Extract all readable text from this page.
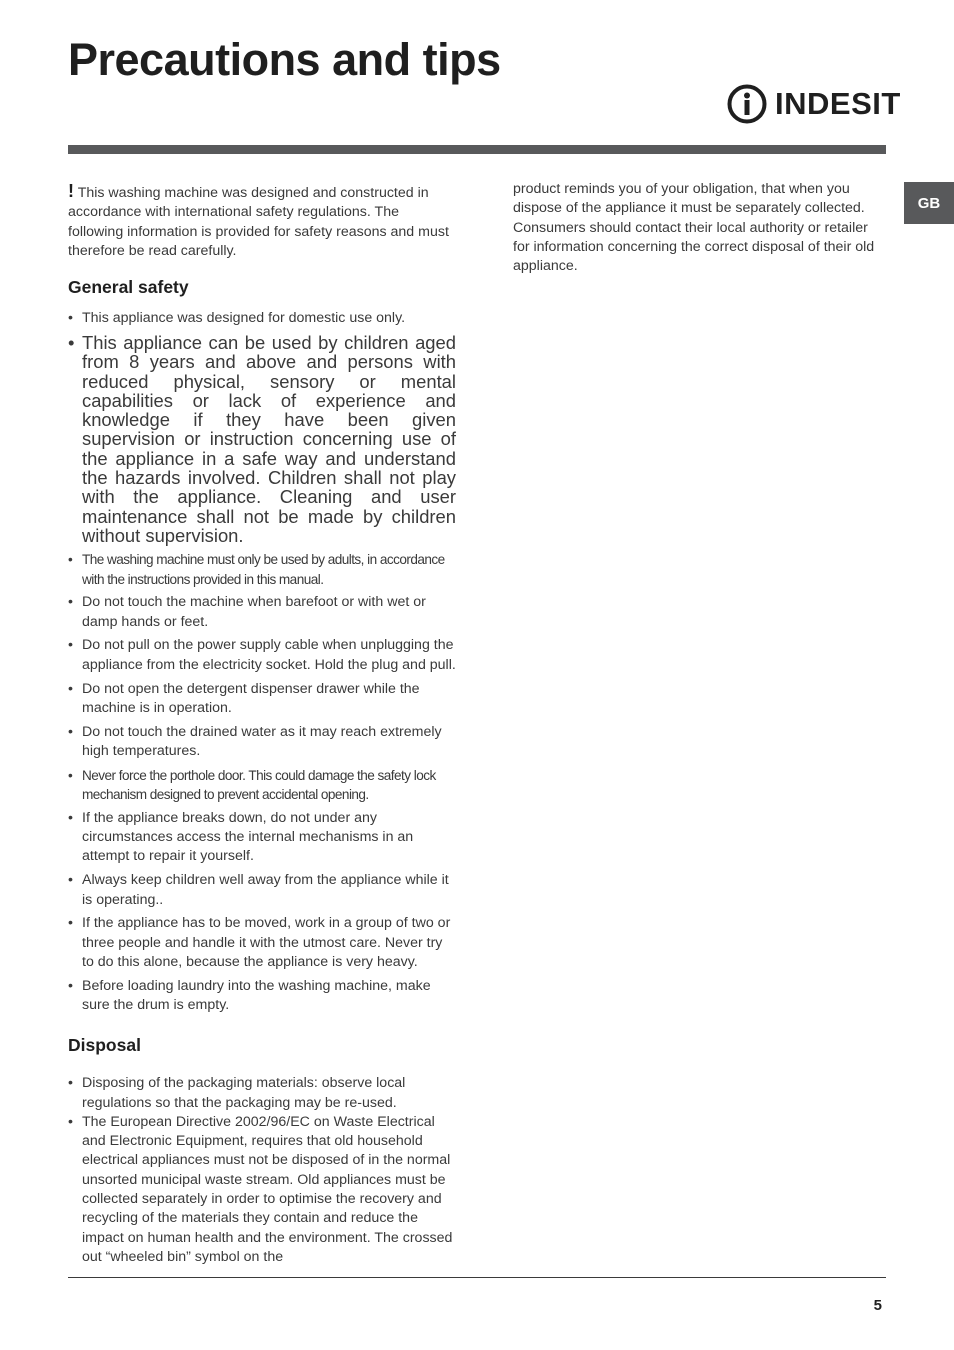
Precautions and tips
INDESIT
GB

! This washing machine was designed and constructed in accordance with international safety regulations. The following information is provided for safety reasons and must therefore be read carefully.

General safety
• This appliance was designed for domestic use only.
• This appliance can be used by children aged from 8 years and above and persons with reduced physical, sensory or mental capabilities or lack of experience and knowledge if they have been given supervision or instruction concerning use of the appliance in a safe way and understand the hazards involved. Children shall not play with the appliance. Cleaning and user maintenance shall not be made by children without supervision.
• The washing machine must only be used by adults, in accordance with the instructions provided in this manual.
• Do not touch the machine when barefoot or with wet or damp hands or feet.
• Do not pull on the power supply cable when unplugging the appliance from the electricity socket. Hold the plug and pull.
• Do not open the detergent dispenser drawer while the machine is in operation.
• Do not touch the drained water as it may reach extremely high temperatures.
• Never force the porthole door. This could damage the safety lock mechanism designed to prevent accidental opening.
• If the appliance breaks down, do not under any circumstances access the internal mechanisms in an attempt to repair it yourself.
• Always keep children well away from the appliance while it is operating..
• If the appliance has to be moved, work in a group of two or three people and handle it with the utmost care. Never try to do this alone, because the appliance is very heavy.
• Before loading laundry into the washing machine, make sure the drum is empty.
Disposal
• Disposing of the packaging materials: observe local regulations so that the packaging may be re-used.
• The European Directive 2002/96/EC on Waste Electrical and Electronic Equipment, requires that old household electrical appliances must not be disposed of in the normal unsorted municipal waste stream. Old appliances must be collected separately in order to optimise the recovery and recycling of the materials they contain and reduce the impact on human health and the environment. The crossed out “wheeled bin” symbol on the

product reminds you of your obligation, that when you dispose of the appliance it must be separately collected. Consumers should contact their local authority or retailer for information concerning the correct disposal of their old appliance.

5
